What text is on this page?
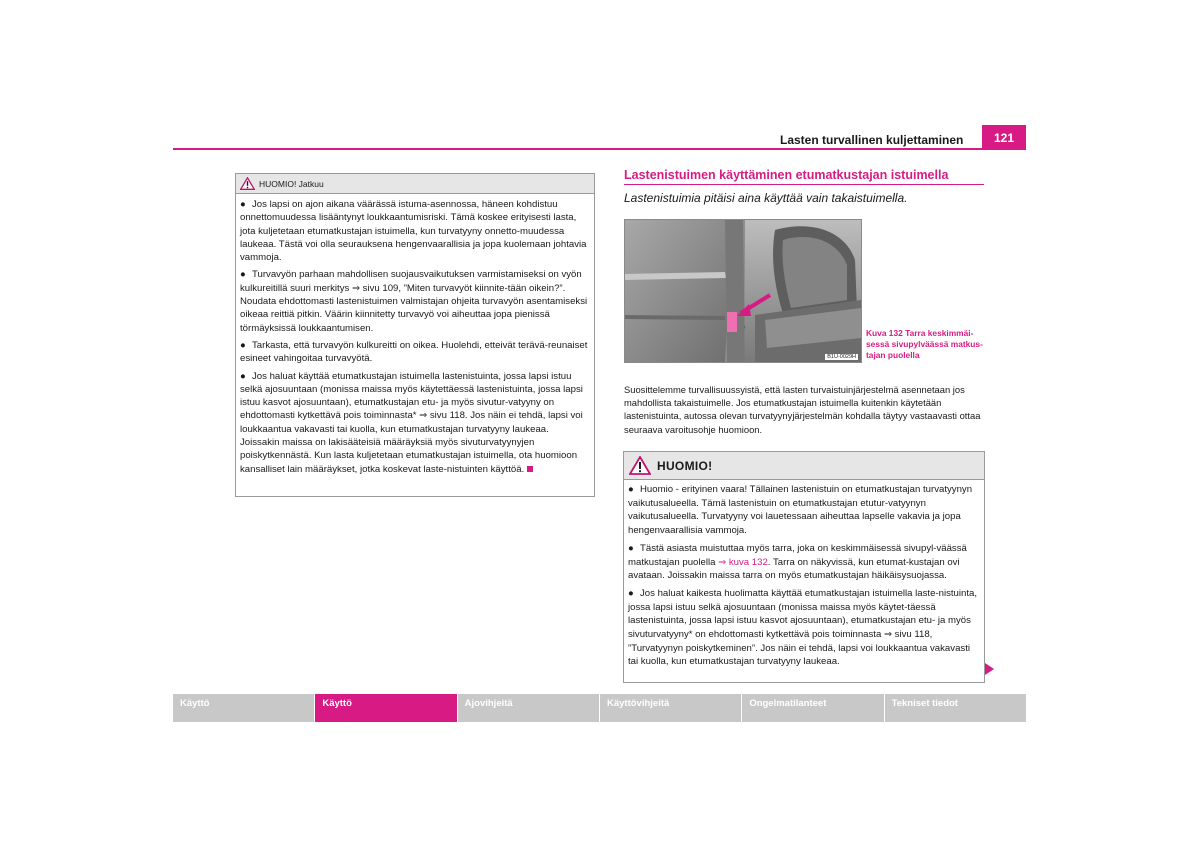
Lasten turvallinen kuljettaminen	121
HUOMIO! Jatkuu

● Jos lapsi on ajon aikana väärässä istuma-asennossa, häneen kohdistuu onnettomuudessa lisääntynyt loukkaantumisriski. Tämä koskee erityisesti lasta, jota kuljetetaan etumatkustajan istuimella, kun turvatyyny onnetto-muudessa laukeaa. Tästä voi olla seurauksena hengenvaarallisia ja jopa kuolemaan johtavia vammoja.

● Turvavyön parhaan mahdollisen suojausvaikutuksen varmistamiseksi on vyön kulkureitillä suuri merkitys ⇒ sivu 109, ”Miten turvavyöt kiinnite-tään oikein?”. Noudata ehdottomasti lastenistuimen valmistajan ohjeita turvavyön asentamiseksi oikeaa reittiä pitkin. Väärin kiinnitetty turvavyö voi aiheuttaa jopa pienissä törmäyksissä loukkaantumisen.

● Tarkasta, että turvavyön kulkureitti on oikea. Huolehdi, etteivät terävä-reunaiset esineet vahingoitaa turvavyötä.

● Jos haluat käyttää etumatkustajan istuimella lastenistuinta, jossa lapsi istuu selkä ajosuuntaan (monissa maissa myös käytettäessä lastenistuinta, jossa lapsi istuu kasvot ajosuuntaan), etumatkustajan etu- ja myös sivutur-vatyyny on ehdottomasti kytkettävä pois toiminnasta* ⇒ sivu 118. Jos näin ei tehdä, lapsi voi loukkaantua vakavasti tai kuolla, kun etumatkustajan turvatyyny laukeaa. Joissakin maissa on lakisääteisiä määräyksiä myös sivuturvatyynyjen poiskytkennästä. Kun lasta kuljetetaan etumatkustajan istuimella, ota huomioon kansalliset lain määräykset, jotka koskevat laste-nistuinten käyttöä.

Lastenistuimen käyttäminen etumatkustajan istuimella
Lastenistuimia pitäisi aina käyttää vain takaistuimella.
B1U-0029H
Kuva 132 Tarra keskimmäi-sessä sivupylväässä matkus-tajan puolella
Suosittelemme turvallisuussyistä, että lasten turvaistuinjärjestelmä asennetaan jos mahdollista takaistuimelle. Jos etumatkustajan istuimella kuitenkin käytetään lastenistuinta, autossa olevan turvatyynyjärjestelmän kohdalla täytyy vastaavasti ottaa seuraava varoitusohje huomioon.
HUOMIO!

● Huomio - erityinen vaara! Tällainen lastenistuin on etumatkustajan turvatyynyn vaikutusalueella. Tämä lastenistuin on etumatkustajan etutur-vatyynyn vaikutusalueella. Turvatyyny voi lauetessaan aiheuttaa lapselle vakavia ja jopa hengenvaarallisia vammoja.

● Tästä asiasta muistuttaa myös tarra, joka on keskimmäisessä sivupyl-väässä matkustajan puolella ⇒ kuva 132. Tarra on näkyvissä, kun etumat-kustajan ovi avataan. Joissakin maissa tarra on myös etumatkustajan häikäisysuojassa.

● Jos haluat kaikesta huolimatta käyttää etumatkustajan istuimella laste-nistuinta, jossa lapsi istuu selkä ajosuuntaan (monissa maissa myös käytet-täessä lastenistuinta, jossa lapsi istuu kasvot ajosuuntaan), etumatkustajan etu- ja myös sivuturvatyyny* on ehdottomasti kytkettävä pois toiminnasta ⇒ sivu 118, ”Turvatyynyn poiskytkeminen”. Jos näin ei tehdä, lapsi voi loukkaantua vakavasti tai kuolla, kun etumatkustajan turvatyyny laukeaa.

Käyttö	Käyttö	Ajovihjeitä	Käyttövihjeitä	Ongelmatilanteet	Tekniset tiedot
